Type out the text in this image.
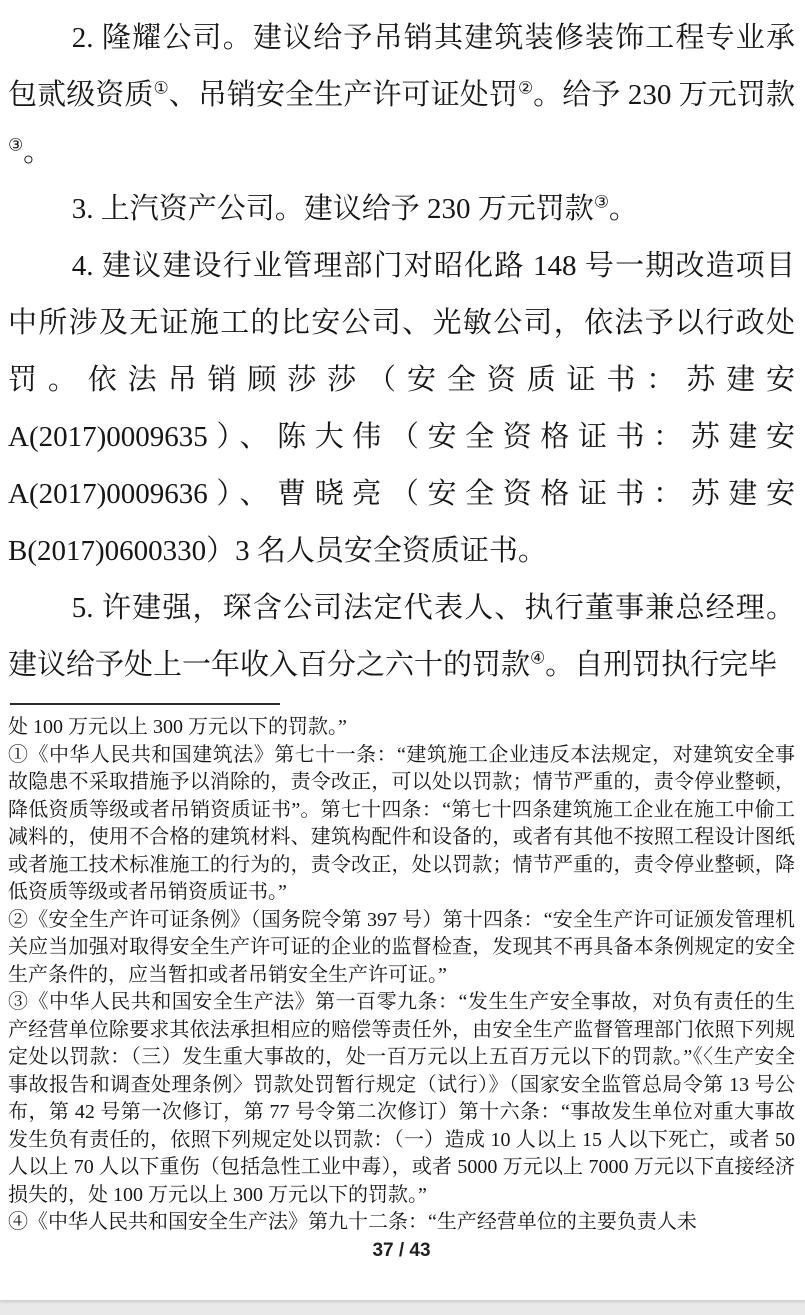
2. 隆耀公司。建议给予吊销其建筑装修装饰工程专业承包贰级资质①、吊销安全生产许可证处罚②。给予 230 万元罚款③。

3. 上汽资产公司。建议给予 230 万元罚款③。

4. 建议建设行业管理部门对昭化路 148 号一期改造项目中所涉及无证施工的比安公司、光敏公司，依法予以行政处罚。依法吊销顾莎莎（安全资质证书：苏建安 A(2017)0009635）、陈大伟（安全资格证书：苏建安 A(2017)0009636）、曹晓亮（安全资格证书：苏建安 B(2017)0600330）3 名人员安全资质证书。

5. 许建强，琛含公司法定代表人、执行董事兼总经理。建议给予处上一年收入百分之六十的罚款④。自刑罚执行完毕

处 100 万元以上 300 万元以下的罚款。”

①《中华人民共和国建筑法》第七十一条：“建筑施工企业违反本法规定，对建筑安全事故隐患不采取措施予以消除的，责令改正，可以处以罚款；情节严重的，责令停业整顿，降低资质等级或者吊销资质证书”。第七十四条：“第七十四条建筑施工企业在施工中偷工减料的，使用不合格的建筑材料、建筑构配件和设备的，或者有其他不按照工程设计图纸或者施工技术标准施工的行为的，责令改正，处以罚款；情节严重的，责令停业整顿，降低资质等级或者吊销资质证书。”

②《安全生产许可证条例》（国务院令第 397 号）第十四条：“安全生产许可证颁发管理机关应当加强对取得安全生产许可证的企业的监督检查，发现其不再具备本条例规定的安全生产条件的，应当暂扣或者吊销安全生产许可证。”

③《中华人民共和国安全生产法》第一百零九条：“发生生产安全事故，对负有责任的生产经营单位除要求其依法承担相应的赔偿等责任外，由安全生产监督管理部门依照下列规定处以罚款：（三）发生重大事故的，处一百万元以上五百万元以下的罚款。”《〈生产安全事故报告和调查处理条例〉罚款处罚暂行规定（试行）》（国家安全监管总局令第 13 号公布，第 42 号第一次修订，第 77 号令第二次修订）第十六条：“事故发生单位对重大事故发生负有责任的，依照下列规定处以罚款：（一）造成 10 人以上 15 人以下死亡，或者 50 人以上 70 人以下重伤（包括急性工业中毒），或者 5000 万元以上 7000 万元以下直接经济损失的，处 100 万元以上 300 万元以下的罚款。”

④《中华人民共和国安全生产法》第九十二条：“生产经营单位的主要负责人未

37 / 43
